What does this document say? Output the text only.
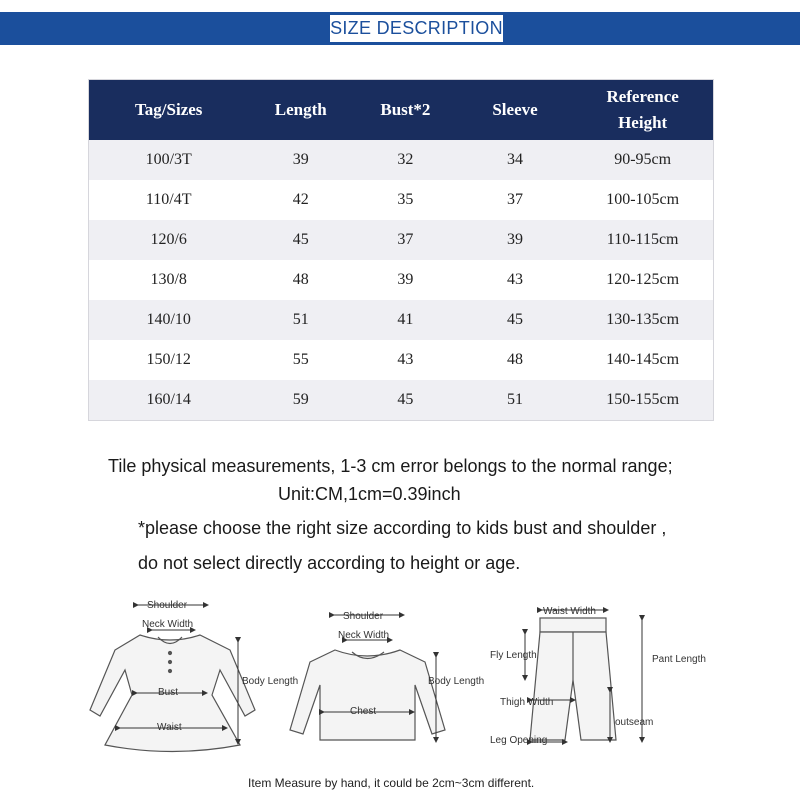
SIZE DESCRIPTION
Tag/Sizes	Length	Bust*2	Sleeve	Reference Height
100/3T	39	32	34	90-95cm
110/4T	42	35	37	100-105cm
120/6	45	37	39	110-115cm
130/8	48	39	43	120-125cm
140/10	51	41	45	130-135cm
150/12	55	43	48	140-145cm
160/14	59	45	51	150-155cm
Tile physical measurements, 1-3 cm error belongs to the normal range;
Unit:CM,1cm=0.39inch
*please choose the right size according to kids bust and shoulder ,
do not select directly according to height or age.
Shoulder
Neck Width
Bust
Waist
Body Length
Shoulder
Neck Width
Chest
Body Length
Waist Width
Fly Length
Thigh Width
Leg Opening
outseam
Pant Length
Item Measure by hand, it could be 2cm~3cm different.
